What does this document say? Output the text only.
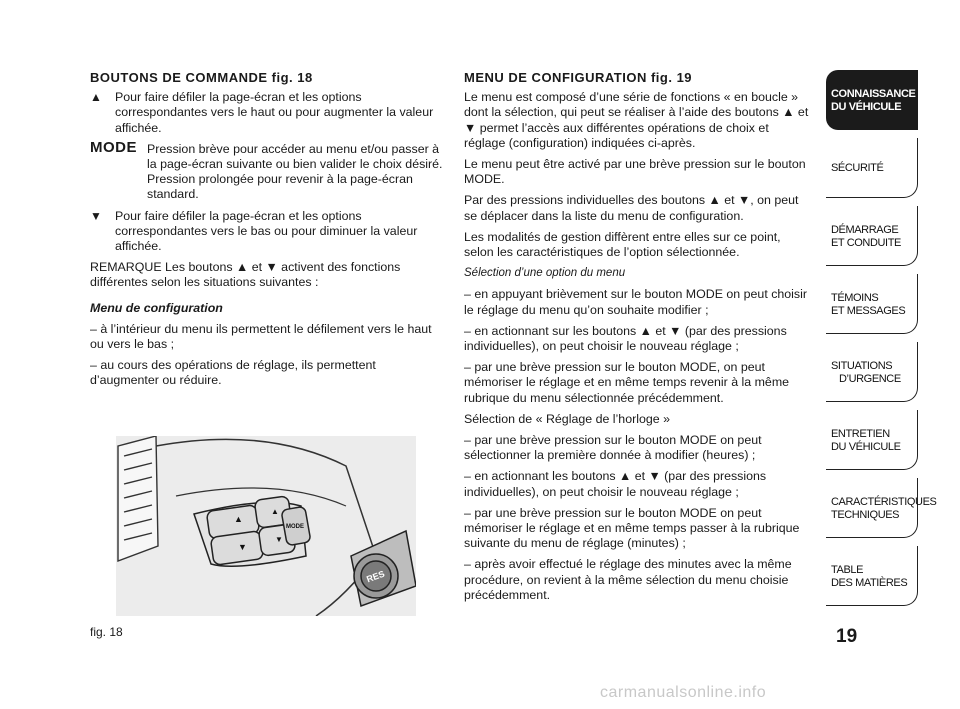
BOUTONS DE COMMANDE fig. 18

▲ Pour faire défiler la page-écran et les options correspondantes vers le haut ou pour augmenter la valeur affichée.

MODE Pression brève pour accéder au menu et/ou passer à la page-écran suivante ou bien valider le choix désiré. Pression prolongée pour revenir à la page-écran standard.

▼ Pour faire défiler la page-écran et les options correspondantes vers le bas ou pour diminuer la valeur affichée.

REMARQUE Les boutons ▲ et ▼ activent des fonctions différentes selon les situations suivantes :

Menu de configuration

– à l’intérieur du menu ils permettent le défilement vers le haut ou vers le bas ;

– au cours des opérations de réglage, ils permettent d’augmenter ou réduire.

▲
▼
▲
▼
MODE
RES
fig. 18

MENU DE CONFIGURATION fig. 19

Le menu est composé d’une série de fonctions « en boucle » dont la sélection, qui peut se réaliser à l’aide des boutons ▲ et ▼ permet l’accès aux différentes opérations de choix et réglage (configuration) indiquées ci-après.

Le menu peut être activé par une brève pression sur le bouton MODE.

Par des pressions individuelles des boutons ▲ et ▼, on peut se déplacer dans la liste du menu de configuration.

Les modalités de gestion diffèrent entre elles sur ce point, selon les caractéristiques de l’option sélectionnée.

Sélection d’une option du menu

– en appuyant brièvement sur le bouton MODE on peut choisir le réglage du menu qu’on souhaite modifier ;

– en actionnant sur les boutons ▲ et ▼ (par des pressions individuelles), on peut choisir le nouveau réglage ;

– par une brève pression sur le bouton MODE, on peut mémoriser le réglage et en même temps revenir à la même rubrique du menu sélectionnée précédemment.

Sélection de « Réglage de l’horloge »

– par une brève pression sur le bouton MODE on peut sélectionner la première donnée à modifier (heures) ;

– en actionnant les boutons ▲ et ▼ (par des pressions individuelles), on peut choisir le nouveau réglage ;

– par une brève pression sur le bouton MODE on peut mémoriser le réglage et en même temps passer à la rubrique suivante du menu de réglage (minutes) ;

– après avoir effectué le réglage des minutes avec la même procédure, on revient à la même sélection du menu choisie précédemment.

CONNAISSANCE
DU VÉHICULE
SÉCURITÉ
DÉMARRAGE
ET CONDUITE
TÉMOINS
ET MESSAGES
SITUATIONS
D’URGENCE
ENTRETIEN
DU VÉHICULE
CARACTÉRISTIQUES
TECHNIQUES
TABLE
DES MATIÈRES
19
carmanualsonline.info
